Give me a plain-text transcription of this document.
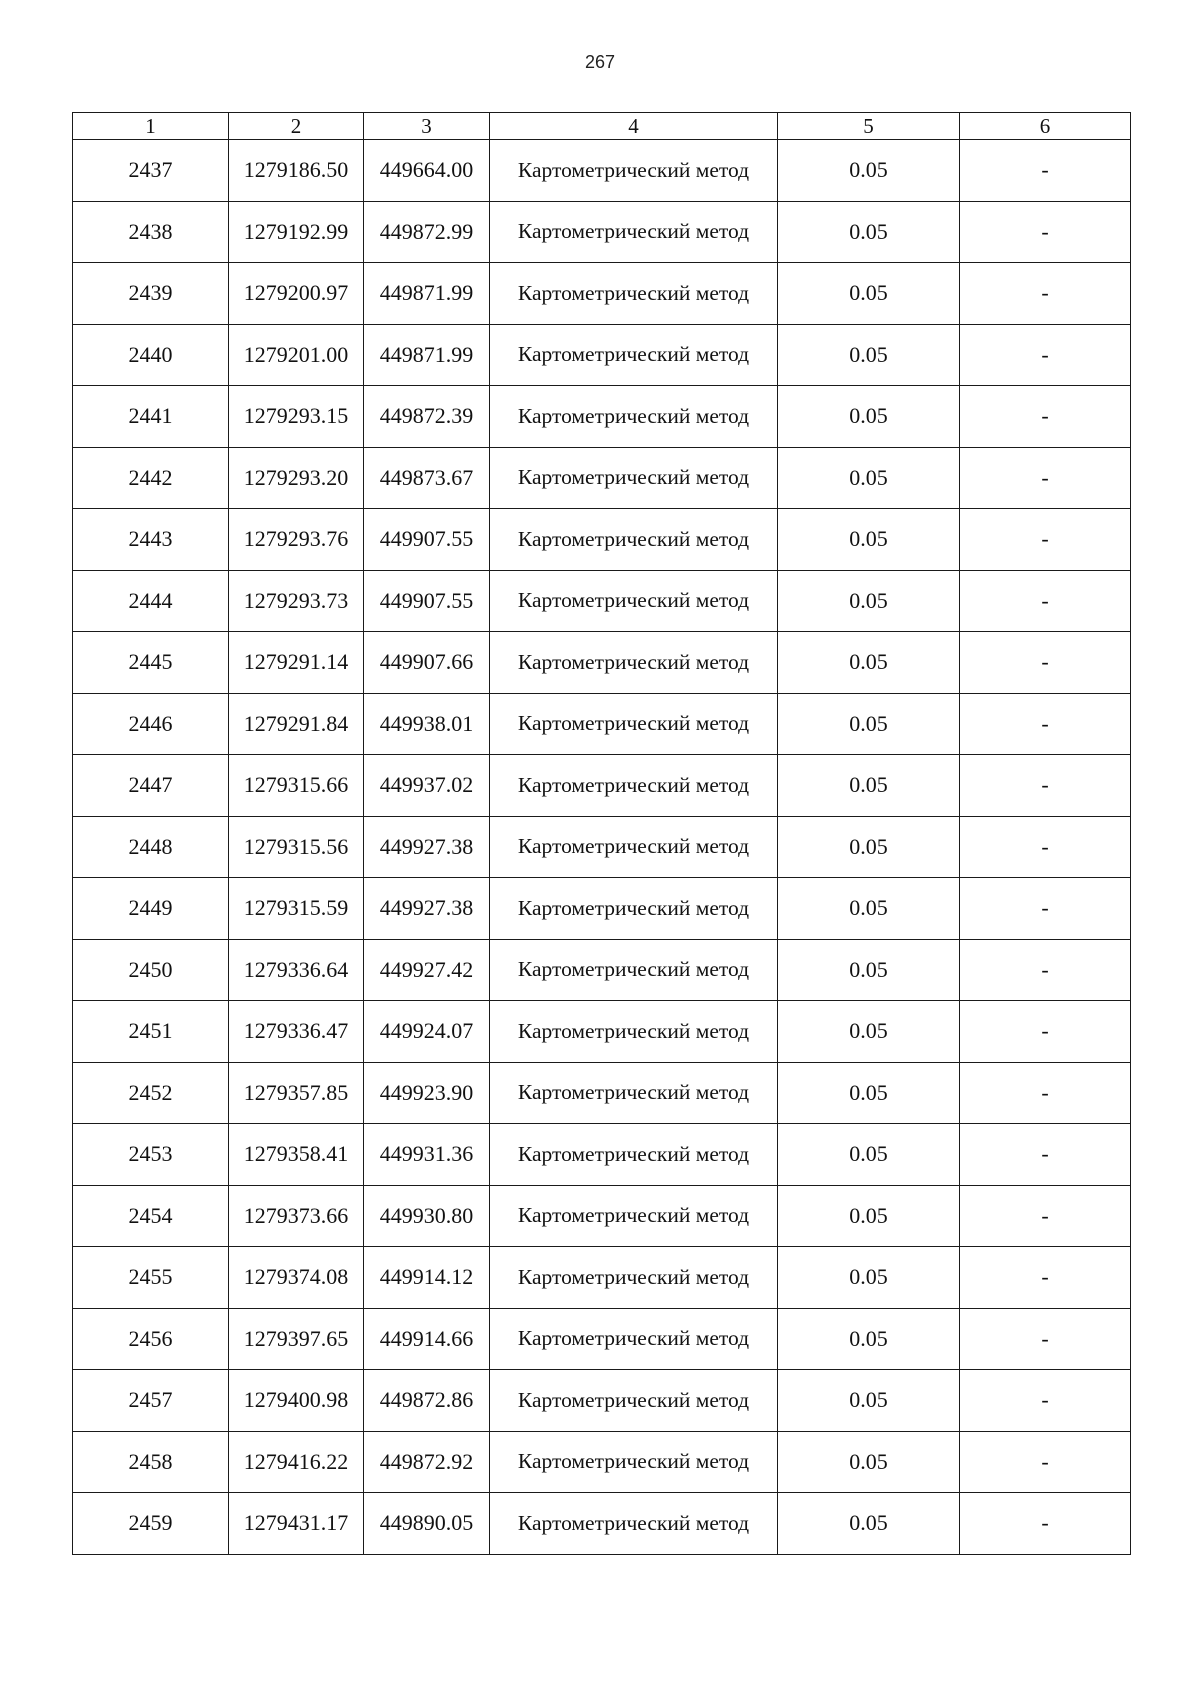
267
1	2	3	4	5	6
2437	1279186.50	449664.00	Картометрический метод	0.05	-
2438	1279192.99	449872.99	Картометрический метод	0.05	-
2439	1279200.97	449871.99	Картометрический метод	0.05	-
2440	1279201.00	449871.99	Картометрический метод	0.05	-
2441	1279293.15	449872.39	Картометрический метод	0.05	-
2442	1279293.20	449873.67	Картометрический метод	0.05	-
2443	1279293.76	449907.55	Картометрический метод	0.05	-
2444	1279293.73	449907.55	Картометрический метод	0.05	-
2445	1279291.14	449907.66	Картометрический метод	0.05	-
2446	1279291.84	449938.01	Картометрический метод	0.05	-
2447	1279315.66	449937.02	Картометрический метод	0.05	-
2448	1279315.56	449927.38	Картометрический метод	0.05	-
2449	1279315.59	449927.38	Картометрический метод	0.05	-
2450	1279336.64	449927.42	Картометрический метод	0.05	-
2451	1279336.47	449924.07	Картометрический метод	0.05	-
2452	1279357.85	449923.90	Картометрический метод	0.05	-
2453	1279358.41	449931.36	Картометрический метод	0.05	-
2454	1279373.66	449930.80	Картометрический метод	0.05	-
2455	1279374.08	449914.12	Картометрический метод	0.05	-
2456	1279397.65	449914.66	Картометрический метод	0.05	-
2457	1279400.98	449872.86	Картометрический метод	0.05	-
2458	1279416.22	449872.92	Картометрический метод	0.05	-
2459	1279431.17	449890.05	Картометрический метод	0.05	-
